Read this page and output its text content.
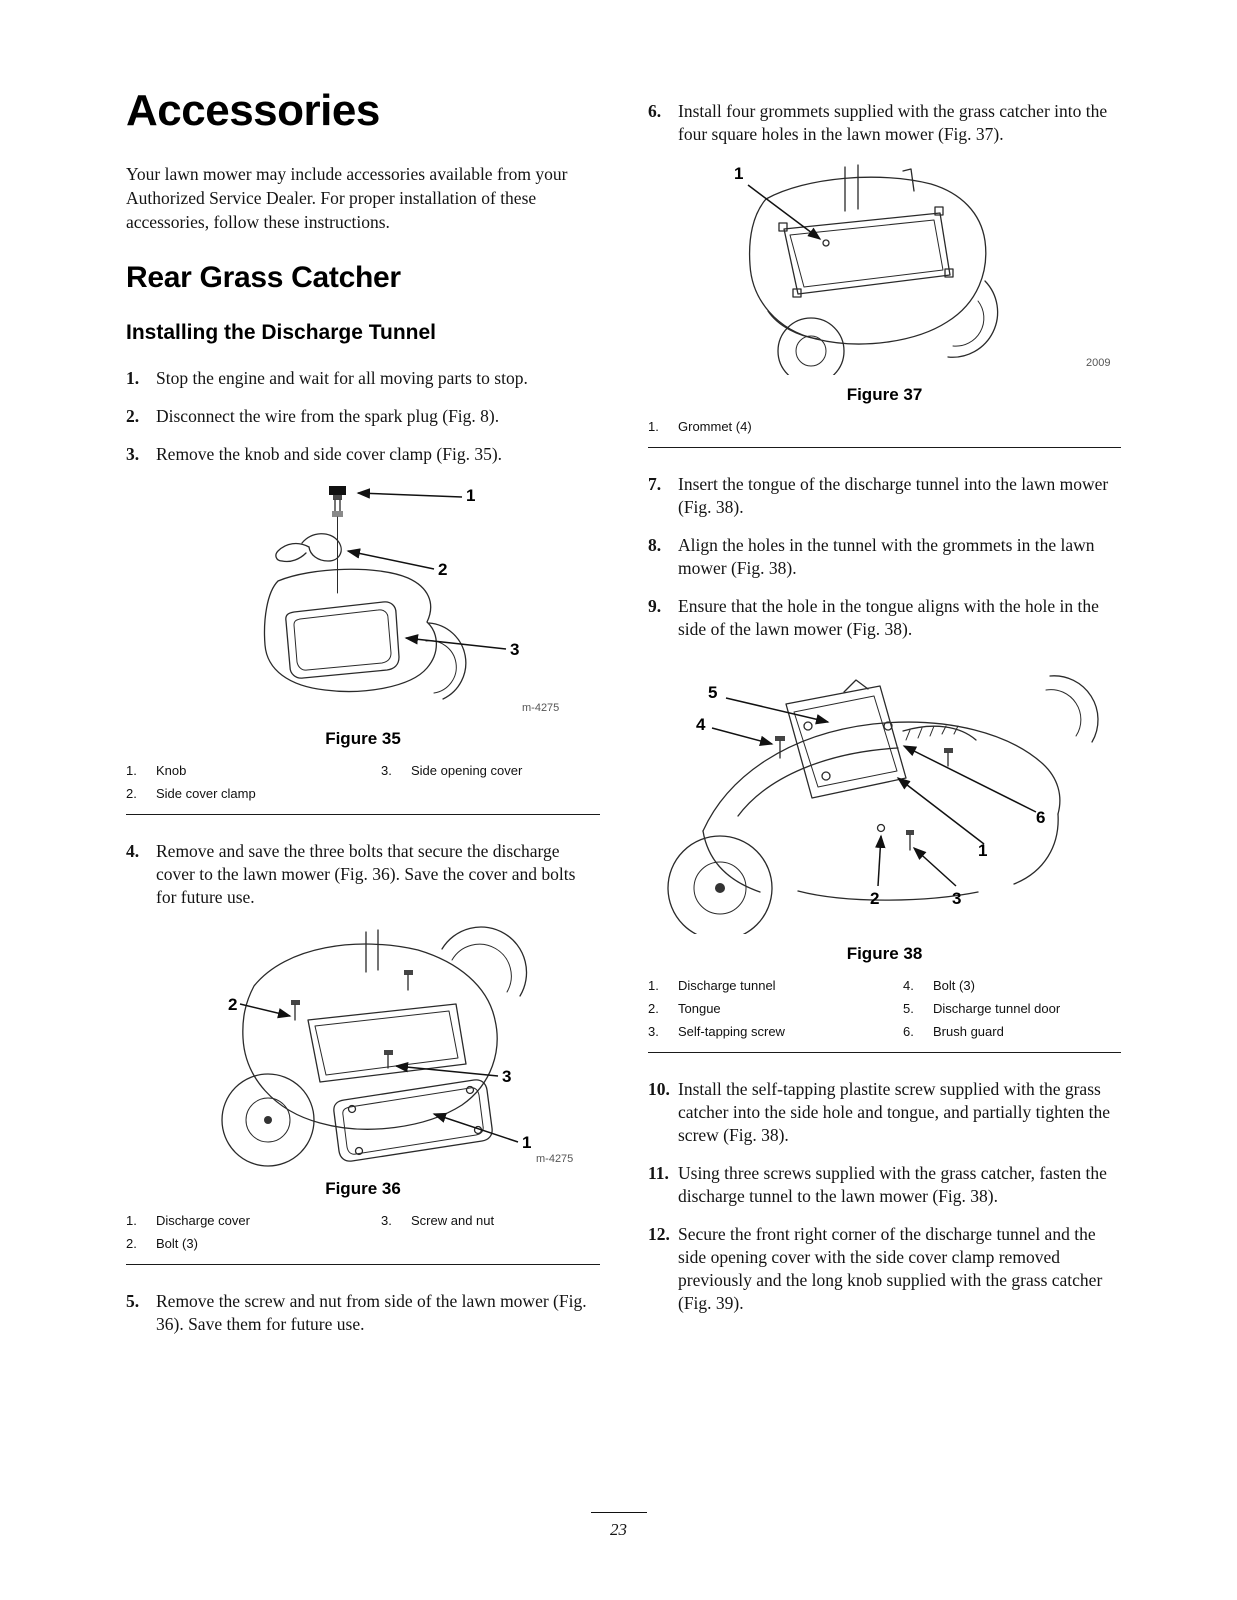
Accessories

Your lawn mower may include accessories available from your Authorized Service Dealer. For proper installation of these accessories, follow these instructions.

Rear Grass Catcher
Installing the Discharge Tunnel
1. Stop the engine and wait for all moving parts to stop.
2. Disconnect the wire from the spark plug (Fig. 8).
3. Remove the knob and side cover clamp (Fig. 35).
1
2
3
m-4275
Figure 35
1.	Knob	3.	Side opening cover
2.	Side cover clamp
4. Remove and save the three bolts that secure the discharge cover to the lawn mower (Fig. 36). Save the cover and bolts for future use.
2
3
1
m-4275
Figure 36
1.	Discharge cover	3.	Screw and nut
2.	Bolt (3)
5. Remove the screw and nut from side of the lawn mower (Fig. 36). Save them for future use.
6. Install four grommets supplied with the grass catcher into the four square holes in the lawn mower (Fig. 37).
1
2009
Figure 37
1.	Grommet (4)
7. Insert the tongue of the discharge tunnel into the lawn mower (Fig. 38).
8. Align the holes in the tunnel with the grommets in the lawn mower (Fig. 38).
9. Ensure that the hole in the tongue aligns with the hole in the side of the lawn mower (Fig. 38).
5
4
6
1
2	3
Figure 38
1.	Discharge tunnel	4.	Bolt (3)
2.	Tongue	5.	Discharge tunnel door
3.	Self-tapping screw	6.	Brush guard
10. Install the self-tapping plastite screw supplied with the grass catcher into the side hole and tongue, and partially tighten the screw (Fig. 38).
11. Using three screws supplied with the grass catcher, fasten the discharge tunnel to the lawn mower (Fig. 38).
12. Secure the front right corner of the discharge tunnel and the side opening cover with the side cover clamp removed previously and the long knob supplied with the grass catcher (Fig. 39).
23
